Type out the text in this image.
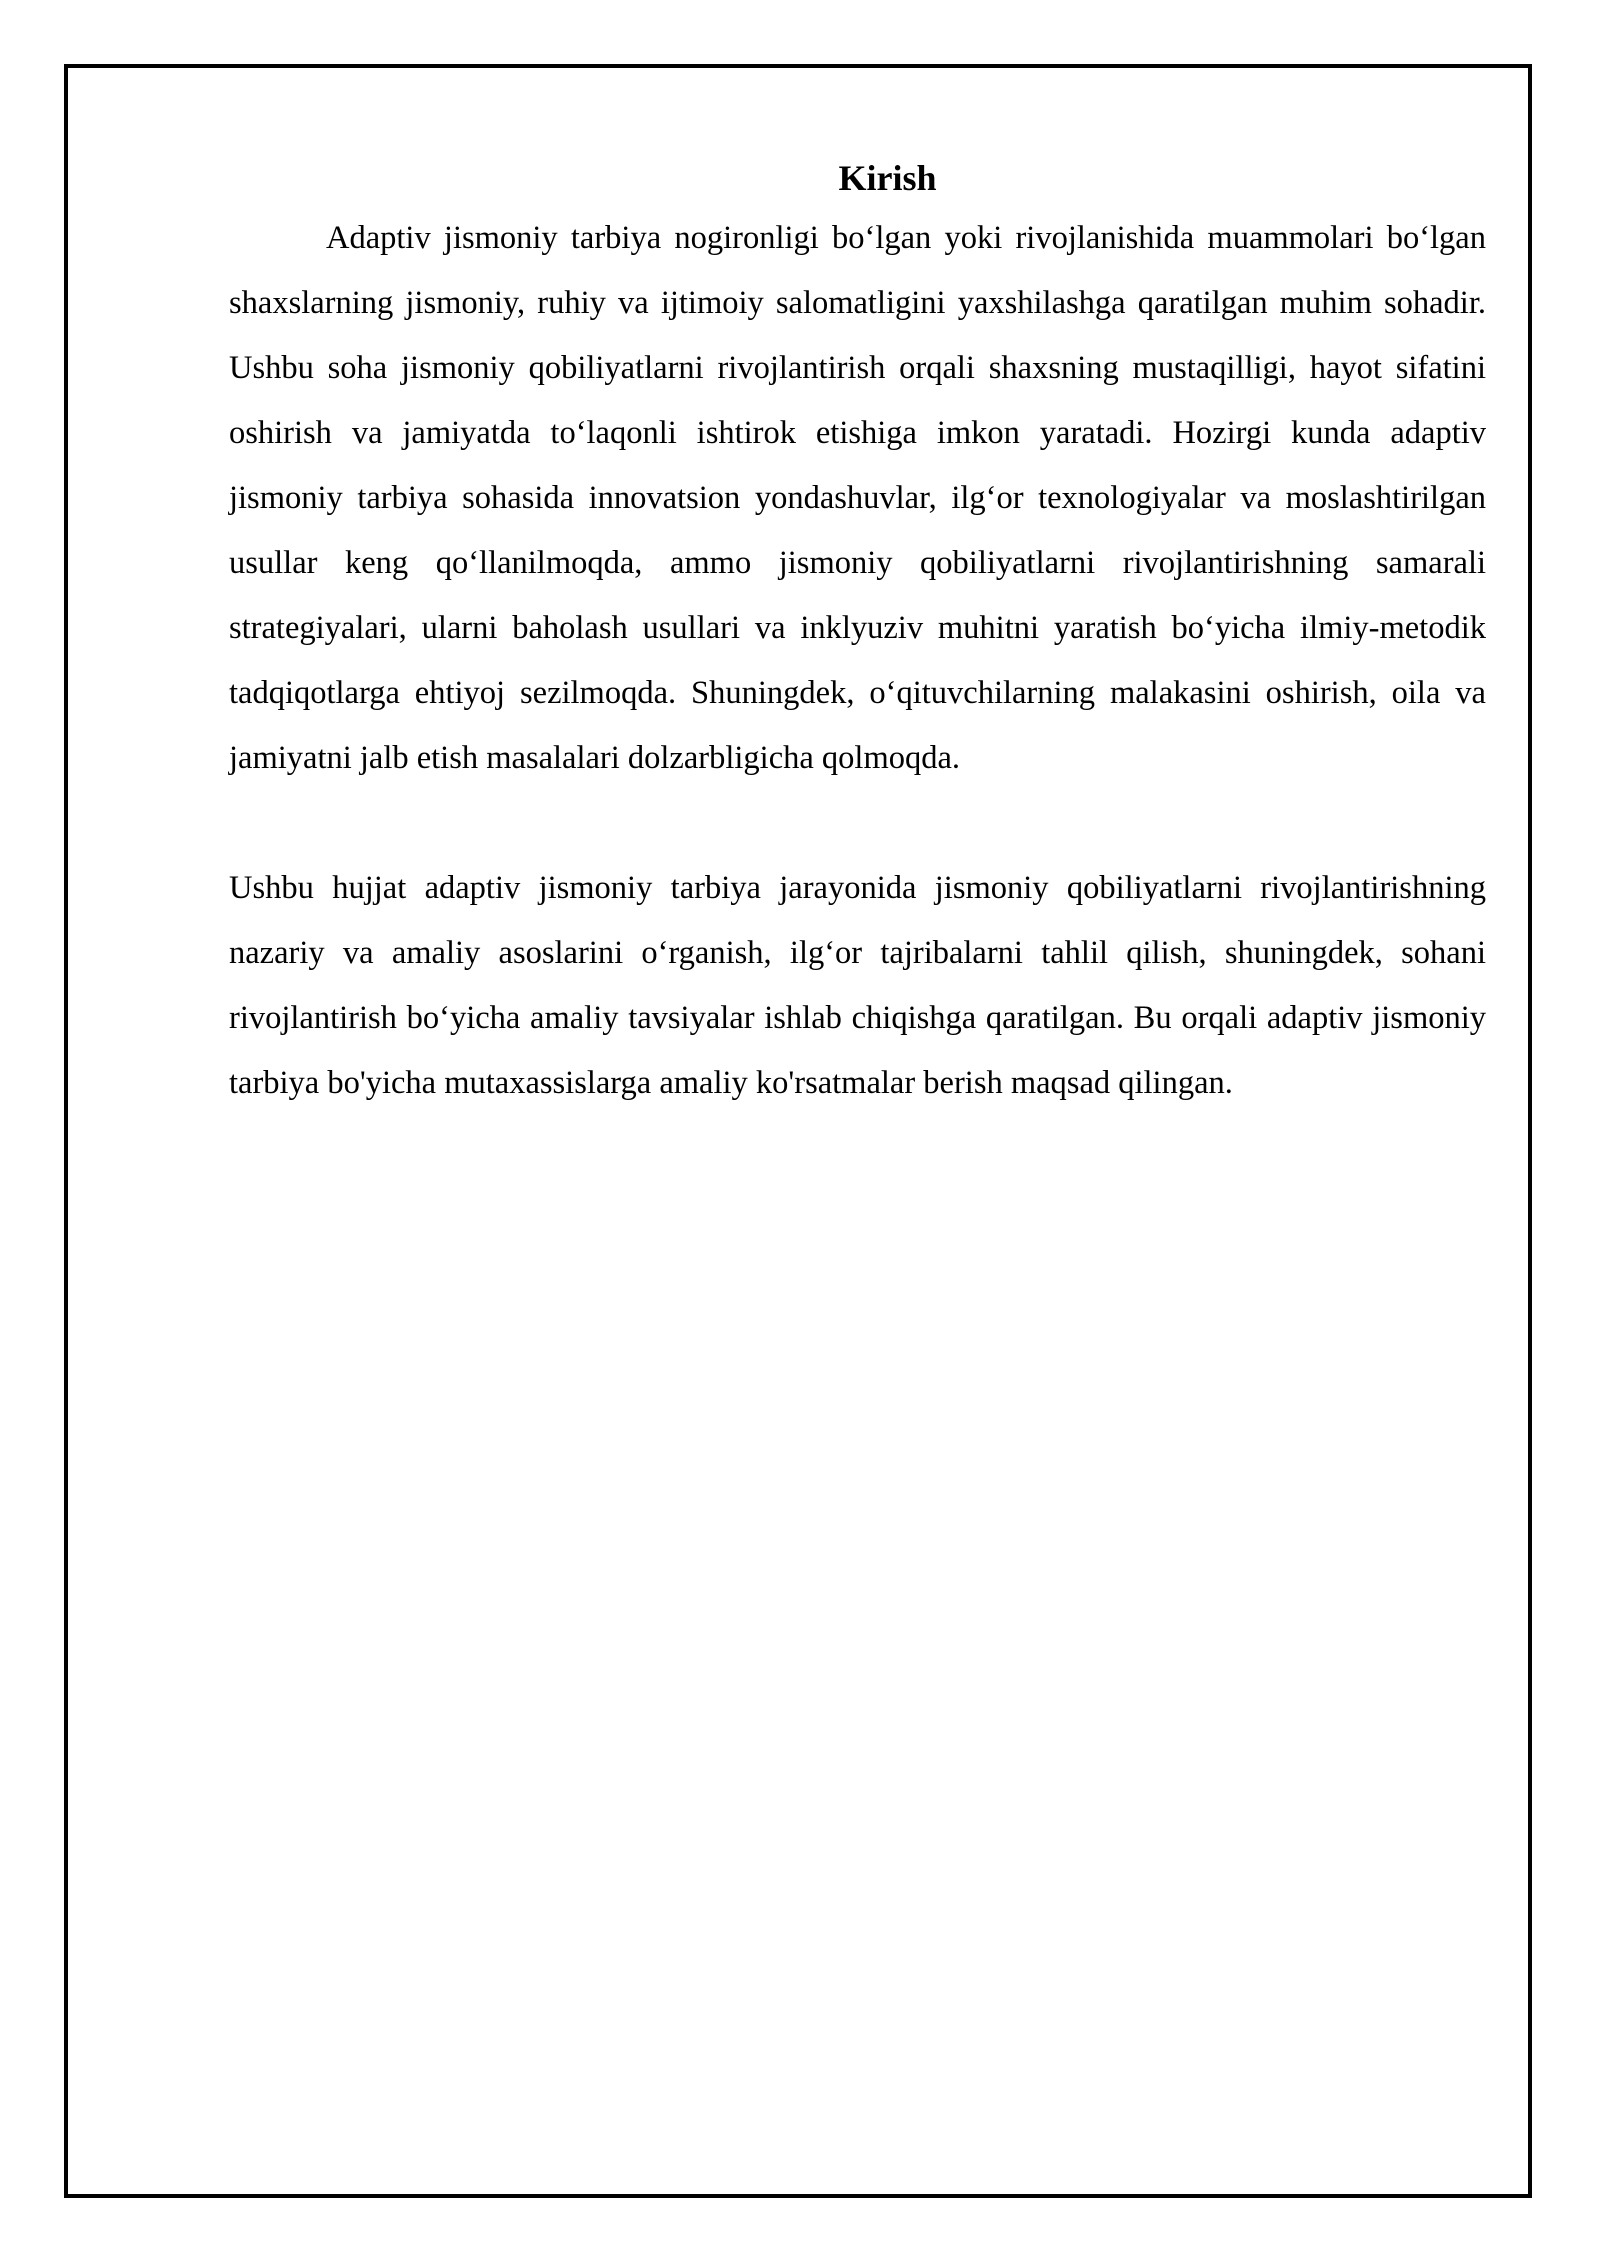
Kirish

Adaptiv jismoniy tarbiya nogironligi bo‘lgan yoki rivojlanishida muammolari bo‘lgan shaxslarning jismoniy, ruhiy va ijtimoiy salomatligini yaxshilashga qaratilgan muhim sohadir. Ushbu soha jismoniy qobiliyatlarni rivojlantirish orqali shaxsning mustaqilligi, hayot sifatini oshirish va jamiyatda to‘laqonli ishtirok etishiga imkon yaratadi. Hozirgi kunda adaptiv jismoniy tarbiya sohasida innovatsion yondashuvlar, ilg‘or texnologiyalar va moslashtirilgan usullar keng qo‘llanilmoqda, ammo jismoniy qobiliyatlarni rivojlantirishning samarali strategiyalari, ularni baholash usullari va inklyuziv muhitni yaratish bo‘yicha ilmiy-metodik tadqiqotlarga ehtiyoj sezilmoqda. Shuningdek, o‘qituvchilarning malakasini oshirish, oila va jamiyatni jalb etish masalalari dolzarbligicha qolmoqda.

Ushbu hujjat adaptiv jismoniy tarbiya jarayonida jismoniy qobiliyatlarni rivojlantirishning nazariy va amaliy asoslarini o‘rganish, ilg‘or tajribalarni tahlil qilish, shuningdek, sohani rivojlantirish bo‘yicha amaliy tavsiyalar ishlab chiqishga qaratilgan. Bu orqali adaptiv jismoniy tarbiya bo'yicha mutaxassislarga amaliy ko'rsatmalar berish maqsad qilingan.
